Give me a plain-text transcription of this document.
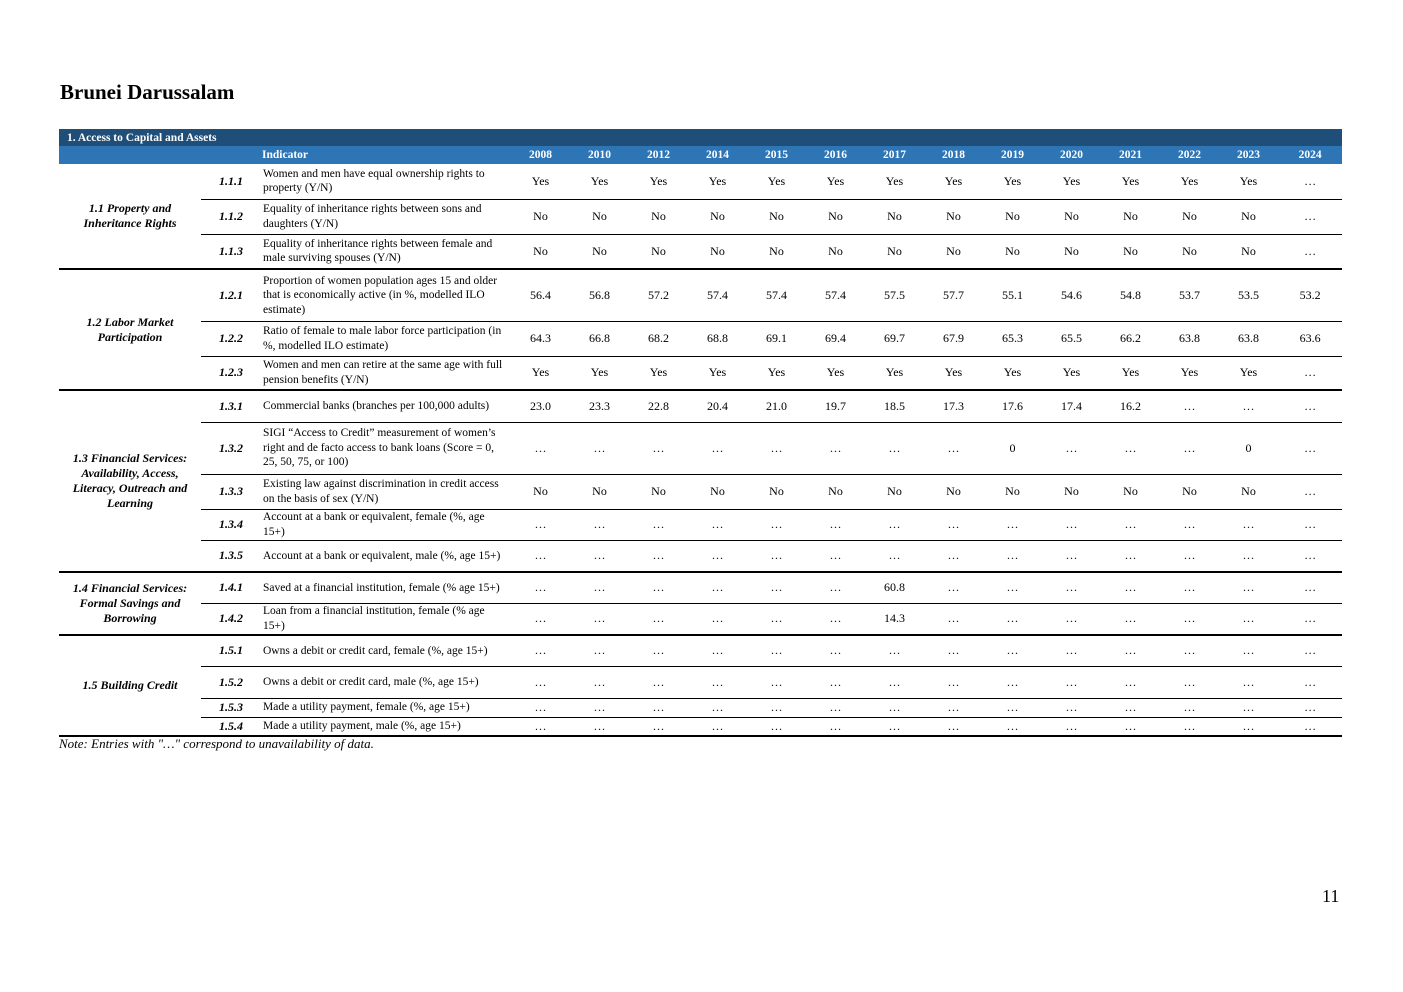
Brunei Darussalam
1. Access to Capital and Assets																
Indicator			2008	2010	2012	2014	2015	2016	2017	2018	2019	2020	2021	2022	2023	2024
1.1 Property and Inheritance Rights	1.1.1	Women and men have equal ownership rights to property (Y/N)	Yes	Yes	Yes	Yes	Yes	Yes	Yes	Yes	Yes	Yes	Yes	Yes	Yes	…
	1.1.2	Equality of inheritance rights between sons and daughters (Y/N)	No	No	No	No	No	No	No	No	No	No	No	No	No	…
	1.1.3	Equality of inheritance rights between female and male surviving spouses (Y/N)	No	No	No	No	No	No	No	No	No	No	No	No	No	…
1.2 Labor Market Participation	1.2.1	Proportion of women population ages 15 and older that is economically active (in %, modelled ILO estimate)	56.4	56.8	57.2	57.4	57.4	57.4	57.5	57.7	55.1	54.6	54.8	53.7	53.5	53.2
	1.2.2	Ratio of female to male labor force participation (in %, modelled ILO estimate)	64.3	66.8	68.2	68.8	69.1	69.4	69.7	67.9	65.3	65.5	66.2	63.8	63.8	63.6
	1.2.3	Women and men can retire at the same age with full pension benefits (Y/N)	Yes	Yes	Yes	Yes	Yes	Yes	Yes	Yes	Yes	Yes	Yes	Yes	Yes	…
1.3 Financial Services: Availability, Access, Literacy, Outreach and Learning	1.3.1	Commercial banks (branches per 100,000 adults)	23.0	23.3	22.8	20.4	21.0	19.7	18.5	17.3	17.6	17.4	16.2	…	…	…
	1.3.2	SIGI “Access to Credit” measurement of women’s right and de facto access to bank loans (Score = 0, 25, 50, 75, or 100)	…	…	…	…	…	…	…	…	0	…	…	…	0	…
	1.3.3	Existing law against discrimination in credit access on the basis of sex (Y/N)	No	No	No	No	No	No	No	No	No	No	No	No	No	…
	1.3.4	Account at a bank or equivalent, female (%, age 15+)	…	…	…	…	…	…	…	…	…	…	…	…	…	…
	1.3.5	Account at a bank or equivalent, male (%, age 15+)	…	…	…	…	…	…	…	…	…	…	…	…	…	…
1.4 Financial Services: Formal Savings and Borrowing	1.4.1	Saved at a financial institution, female (% age 15+)	…	…	…	…	…	…	60.8	…	…	…	…	…	…	…
	1.4.2	Loan from a financial institution, female (% age 15+)	…	…	…	…	…	…	14.3	…	…	…	…	…	…	…
1.5 Building Credit	1.5.1	Owns a debit or credit card, female (%, age 15+)	…	…	…	…	…	…	…	…	…	…	…	…	…	…
	1.5.2	Owns a debit or credit card, male (%, age 15+)	…	…	…	…	…	…	…	…	…	…	…	…	…	…
	1.5.3	Made a utility payment, female (%, age 15+)	…	…	…	…	…	…	…	…	…	…	…	…	…	…
	1.5.4	Made a utility payment, male (%, age 15+)	…	…	…	…	…	…	…	…	…	…	…	…	…	…
Note: Entries with "…" correspond to unavailability of data.
11
